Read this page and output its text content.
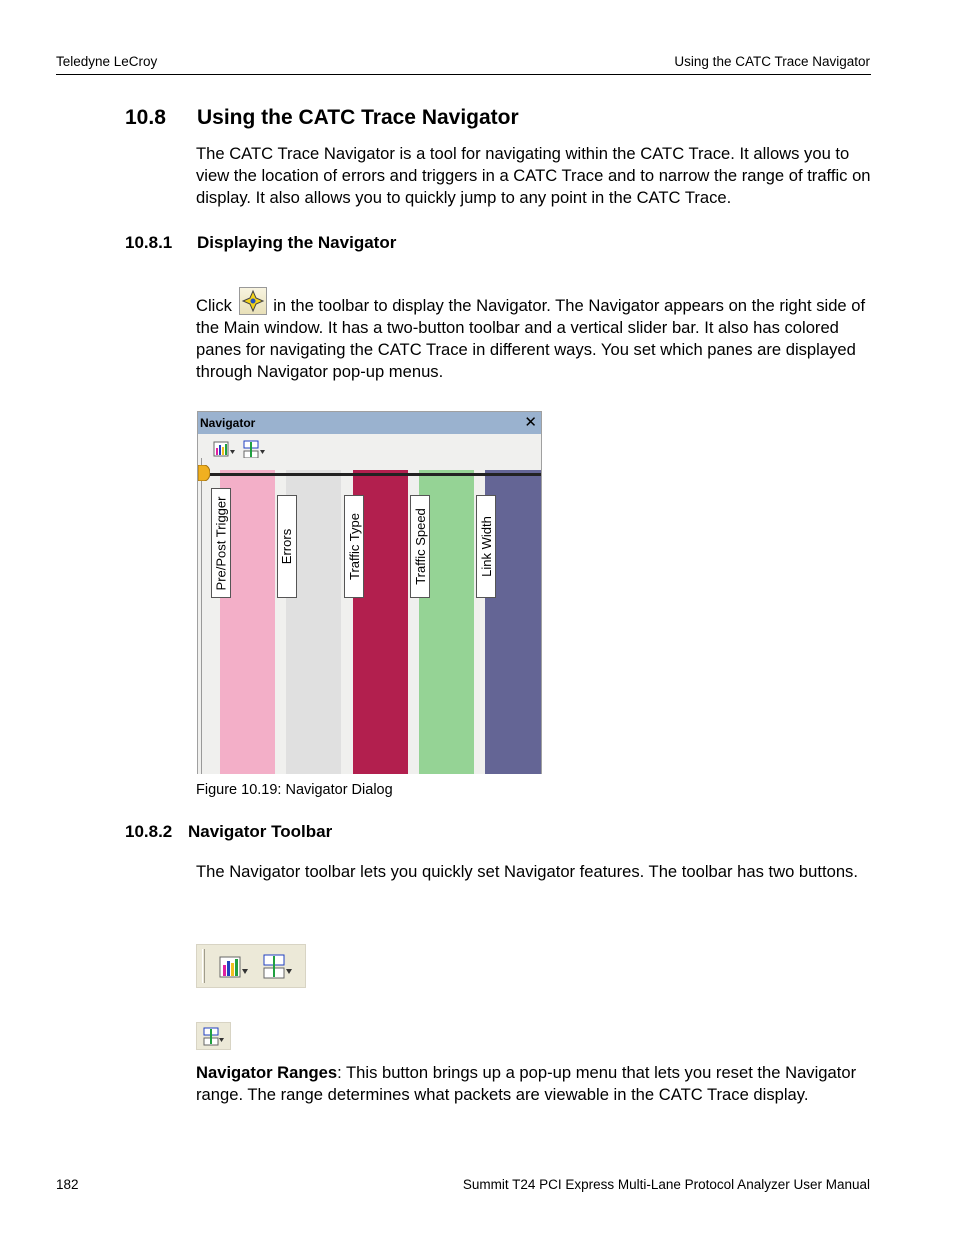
Teledyne LeCroy	Using the CATC Trace Navigator
10.8 Using the CATC Trace Navigator

The CATC Trace Navigator is a tool for navigating within the CATC Trace. It allows you to view the location of errors and triggers in a CATC Trace and to narrow the range of traffic on display. It also allows you to quickly jump to any point in the CATC Trace.

10.8.1 Displaying the Navigator

Click in the toolbar to display the Navigator. The Navigator appears on the right side of the Main window. It has a two-button toolbar and a vertical slider bar. It also has colored panes for navigating the CATC Trace in different ways. You set which panes are displayed through Navigator pop-up menus.

Navigator	✕
Pre/Post Trigger	Errors	Traffic Type	Traffic Speed	Link Width
Figure 10.19: Navigator Dialog
10.8.2 Navigator Toolbar

The Navigator toolbar lets you quickly set Navigator features. The toolbar has two buttons.

Navigator Ranges: This button brings up a pop-up menu that lets you reset the Navigator range. The range determines what packets are viewable in the CATC Trace display.

182	Summit T24 PCI Express Multi-Lane Protocol Analyzer User Manual
